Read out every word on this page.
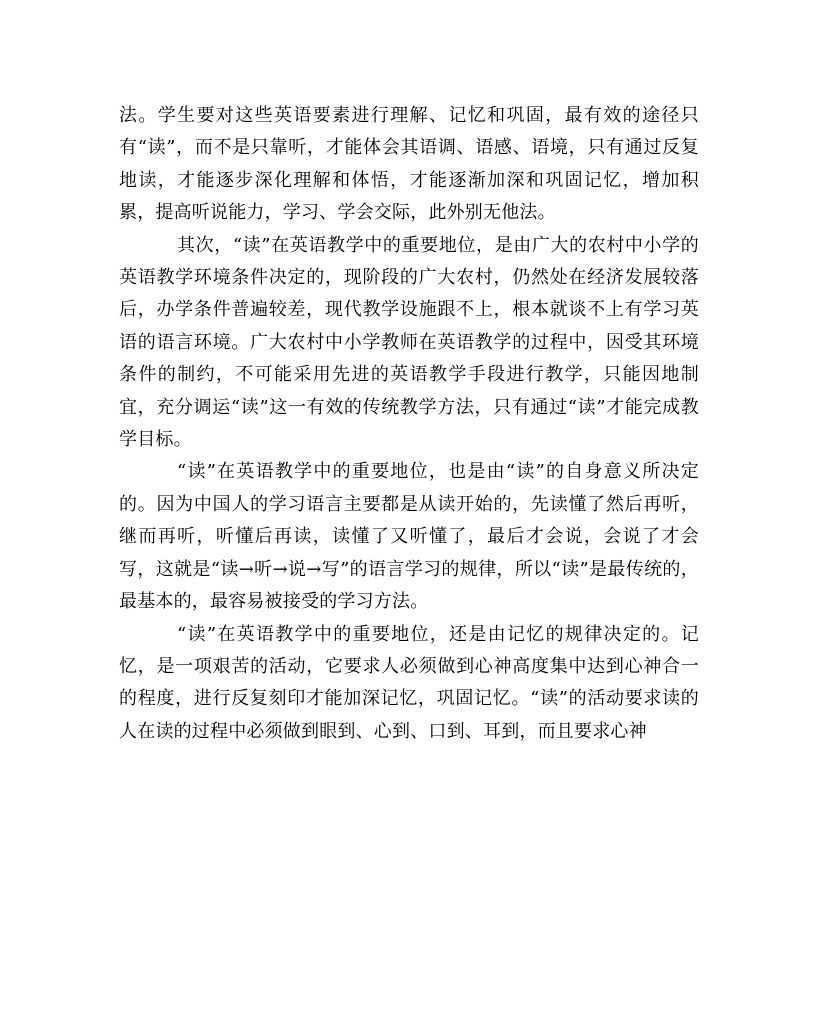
法。学生要对这些英语要素进行理解、记忆和巩固，最有效的途径只有“读”，而不是只靠听，才能体会其语调、语感、语境，只有通过反复地读，才能逐步深化理解和体悟，才能逐渐加深和巩固记忆，增加积累，提高听说能力，学习、学会交际，此外别无他法。

其次，“读”在英语教学中的重要地位，是由广大的农村中小学的英语教学环境条件决定的，现阶段的广大农村，仍然处在经济发展较落后，办学条件普遍较差，现代教学设施跟不上，根本就谈不上有学习英语的语言环境。广大农村中小学教师在英语教学的过程中，因受其环境条件的制约，不可能采用先进的英语教学手段进行教学，只能因地制宜，充分调运“读”这一有效的传统教学方法，只有通过“读”才能完成教学目标。

“读”在英语教学中的重要地位，也是由“读”的自身意义所决定的。因为中国人的学习语言主要都是从读开始的，先读懂了然后再听，继而再听，听懂后再读，读懂了又听懂了，最后才会说，会说了才会写，这就是“读→听→说→写”的语言学习的规律，所以“读”是最传统的，最基本的，最容易被接受的学习方法。

“读”在英语教学中的重要地位，还是由记忆的规律决定的。记忆，是一项艰苦的活动，它要求人必须做到心神高度集中达到心神合一的程度，进行反复刻印才能加深记忆，巩固记忆。“读”的活动要求读的人在读的过程中必须做到眼到、心到、口到、耳到，而且要求心神
